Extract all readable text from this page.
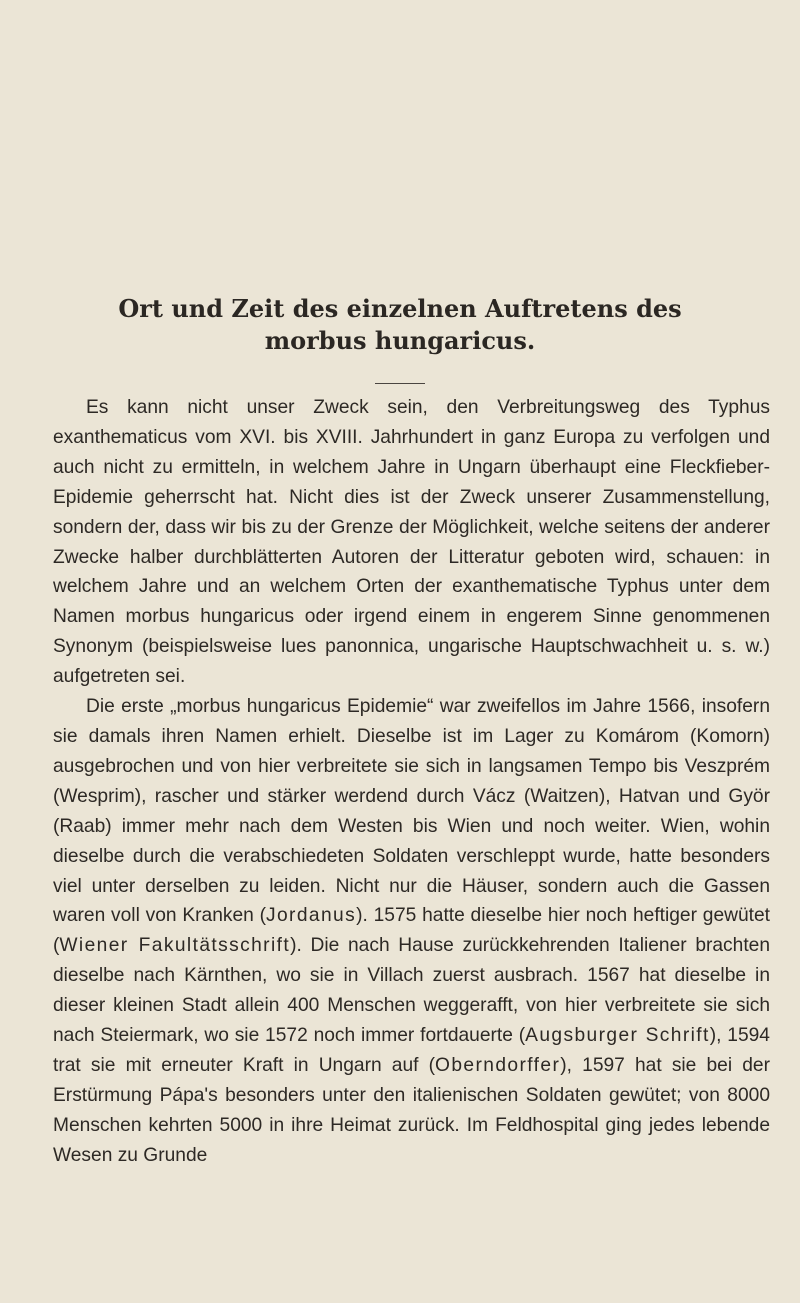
Ort und Zeit des einzelnen Auftretens des
morbus hungaricus.

Es kann nicht unser Zweck sein, den Verbreitungsweg des Typhus exanthematicus vom XVI. bis XVIII. Jahrhundert in ganz Europa zu verfolgen und auch nicht zu ermitteln, in welchem Jahre in Ungarn überhaupt eine Fleckfieber-Epidemie geherrscht hat. Nicht dies ist der Zweck unserer Zusammenstellung, sondern der, dass wir bis zu der Grenze der Möglichkeit, welche seitens der anderer Zwecke halber durchblätterten Autoren der Litteratur geboten wird, schauen: in welchem Jahre und an welchem Orten der exanthematische Typhus unter dem Namen morbus hungaricus oder irgend einem in engerem Sinne genommenen Synonym (beispielsweise lues panonnica, ungarische Hauptschwachheit u. s. w.) aufgetreten sei.

Die erste „morbus hungaricus Epidemie“ war zweifellos im Jahre 1566, insofern sie damals ihren Namen erhielt. Dieselbe ist im Lager zu Komárom (Komorn) ausgebrochen und von hier verbreitete sie sich in langsamen Tempo bis Veszprém (Wesprim), rascher und stärker werdend durch Vácz (Waitzen), Hatvan und Györ (Raab) immer mehr nach dem Westen bis Wien und noch weiter. Wien, wohin dieselbe durch die verabschiedeten Soldaten verschleppt wurde, hatte besonders viel unter derselben zu leiden. Nicht nur die Häuser, sondern auch die Gassen waren voll von Kranken (Jordanus). 1575 hatte dieselbe hier noch heftiger gewütet (Wiener Fakultätsschrift). Die nach Hause zurückkehrenden Italiener brachten dieselbe nach Kärnthen, wo sie in Villach zuerst ausbrach. 1567 hat dieselbe in dieser kleinen Stadt allein 400 Menschen weggerafft, von hier verbreitete sie sich nach Steiermark, wo sie 1572 noch immer fortdauerte (Augsburger Schrift), 1594 trat sie mit erneuter Kraft in Ungarn auf (Oberndorffer), 1597 hat sie bei der Erstürmung Pápa's besonders unter den italienischen Soldaten gewütet; von 8000 Menschen kehrten 5000 in ihre Heimat zurück. Im Feldhospital ging jedes lebende Wesen zu Grunde
